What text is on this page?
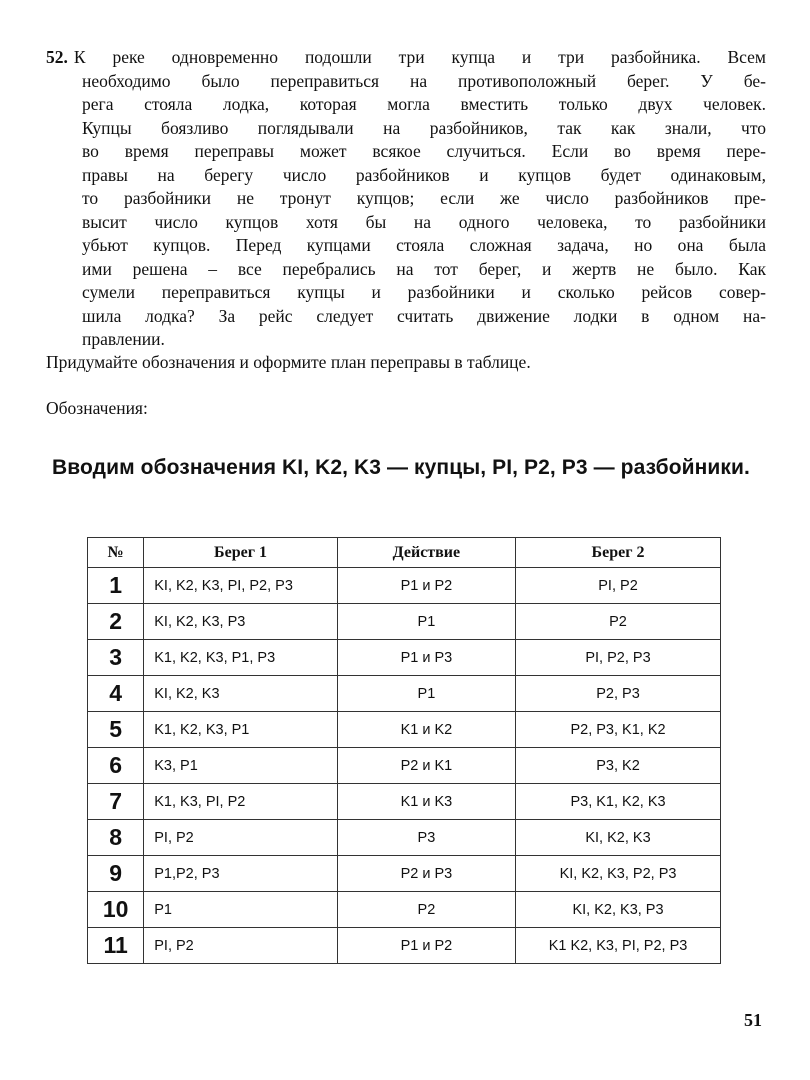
52. К реке одновременно подошли три купца и три разбойника. Всем
необходимо было переправиться на противоположный берег. У бе-
рега стояла лодка, которая могла вместить только двух человек.
Купцы боязливо поглядывали на разбойников, так как знали, что
во время переправы может всякое случиться. Если во время пере-
правы на берегу число разбойников и купцов будет одинаковым,
то разбойники не тронут купцов; если же число разбойников пре-
высит число купцов хотя бы на одного человека, то разбойники
убьют купцов. Перед купцами стояла сложная задача, но она была
ими решена – все перебрались на тот берег, и жертв не было. Как
сумели переправиться купцы и разбойники и сколько рейсов совер-
шила лодка? За рейс следует считать движение лодки в одном на-
правлении.
Придумайте обозначения и оформите план переправы в таблице.
Обозначения:
Вводим обозначения KI, K2, K3 — купцы, PI, P2, P3 — разбойники.
№	Берег 1	Действие	Берег 2
1	KI, K2, K3, PI, P2, P3	P1 и P2	PI, P2
2	KI, K2, K3, P3	P1	P2
3	K1, K2, K3, P1, P3	P1 и P3	PI, P2, P3
4	KI, K2, K3	P1	P2, P3
5	K1, K2, K3, P1	K1 и K2	P2, P3, K1, K2
6	K3, P1	P2 и K1	P3, K2
7	K1, K3, PI, P2	K1 и K3	P3, K1, K2, K3
8	PI, P2	P3	KI, K2, K3
9	P1,P2, P3	P2 и P3	KI, K2, K3, P2, P3
10	P1	P2	KI, K2, K3, P3
11	PI, P2	P1 и P2	K1 K2, K3, PI, P2, P3
51
